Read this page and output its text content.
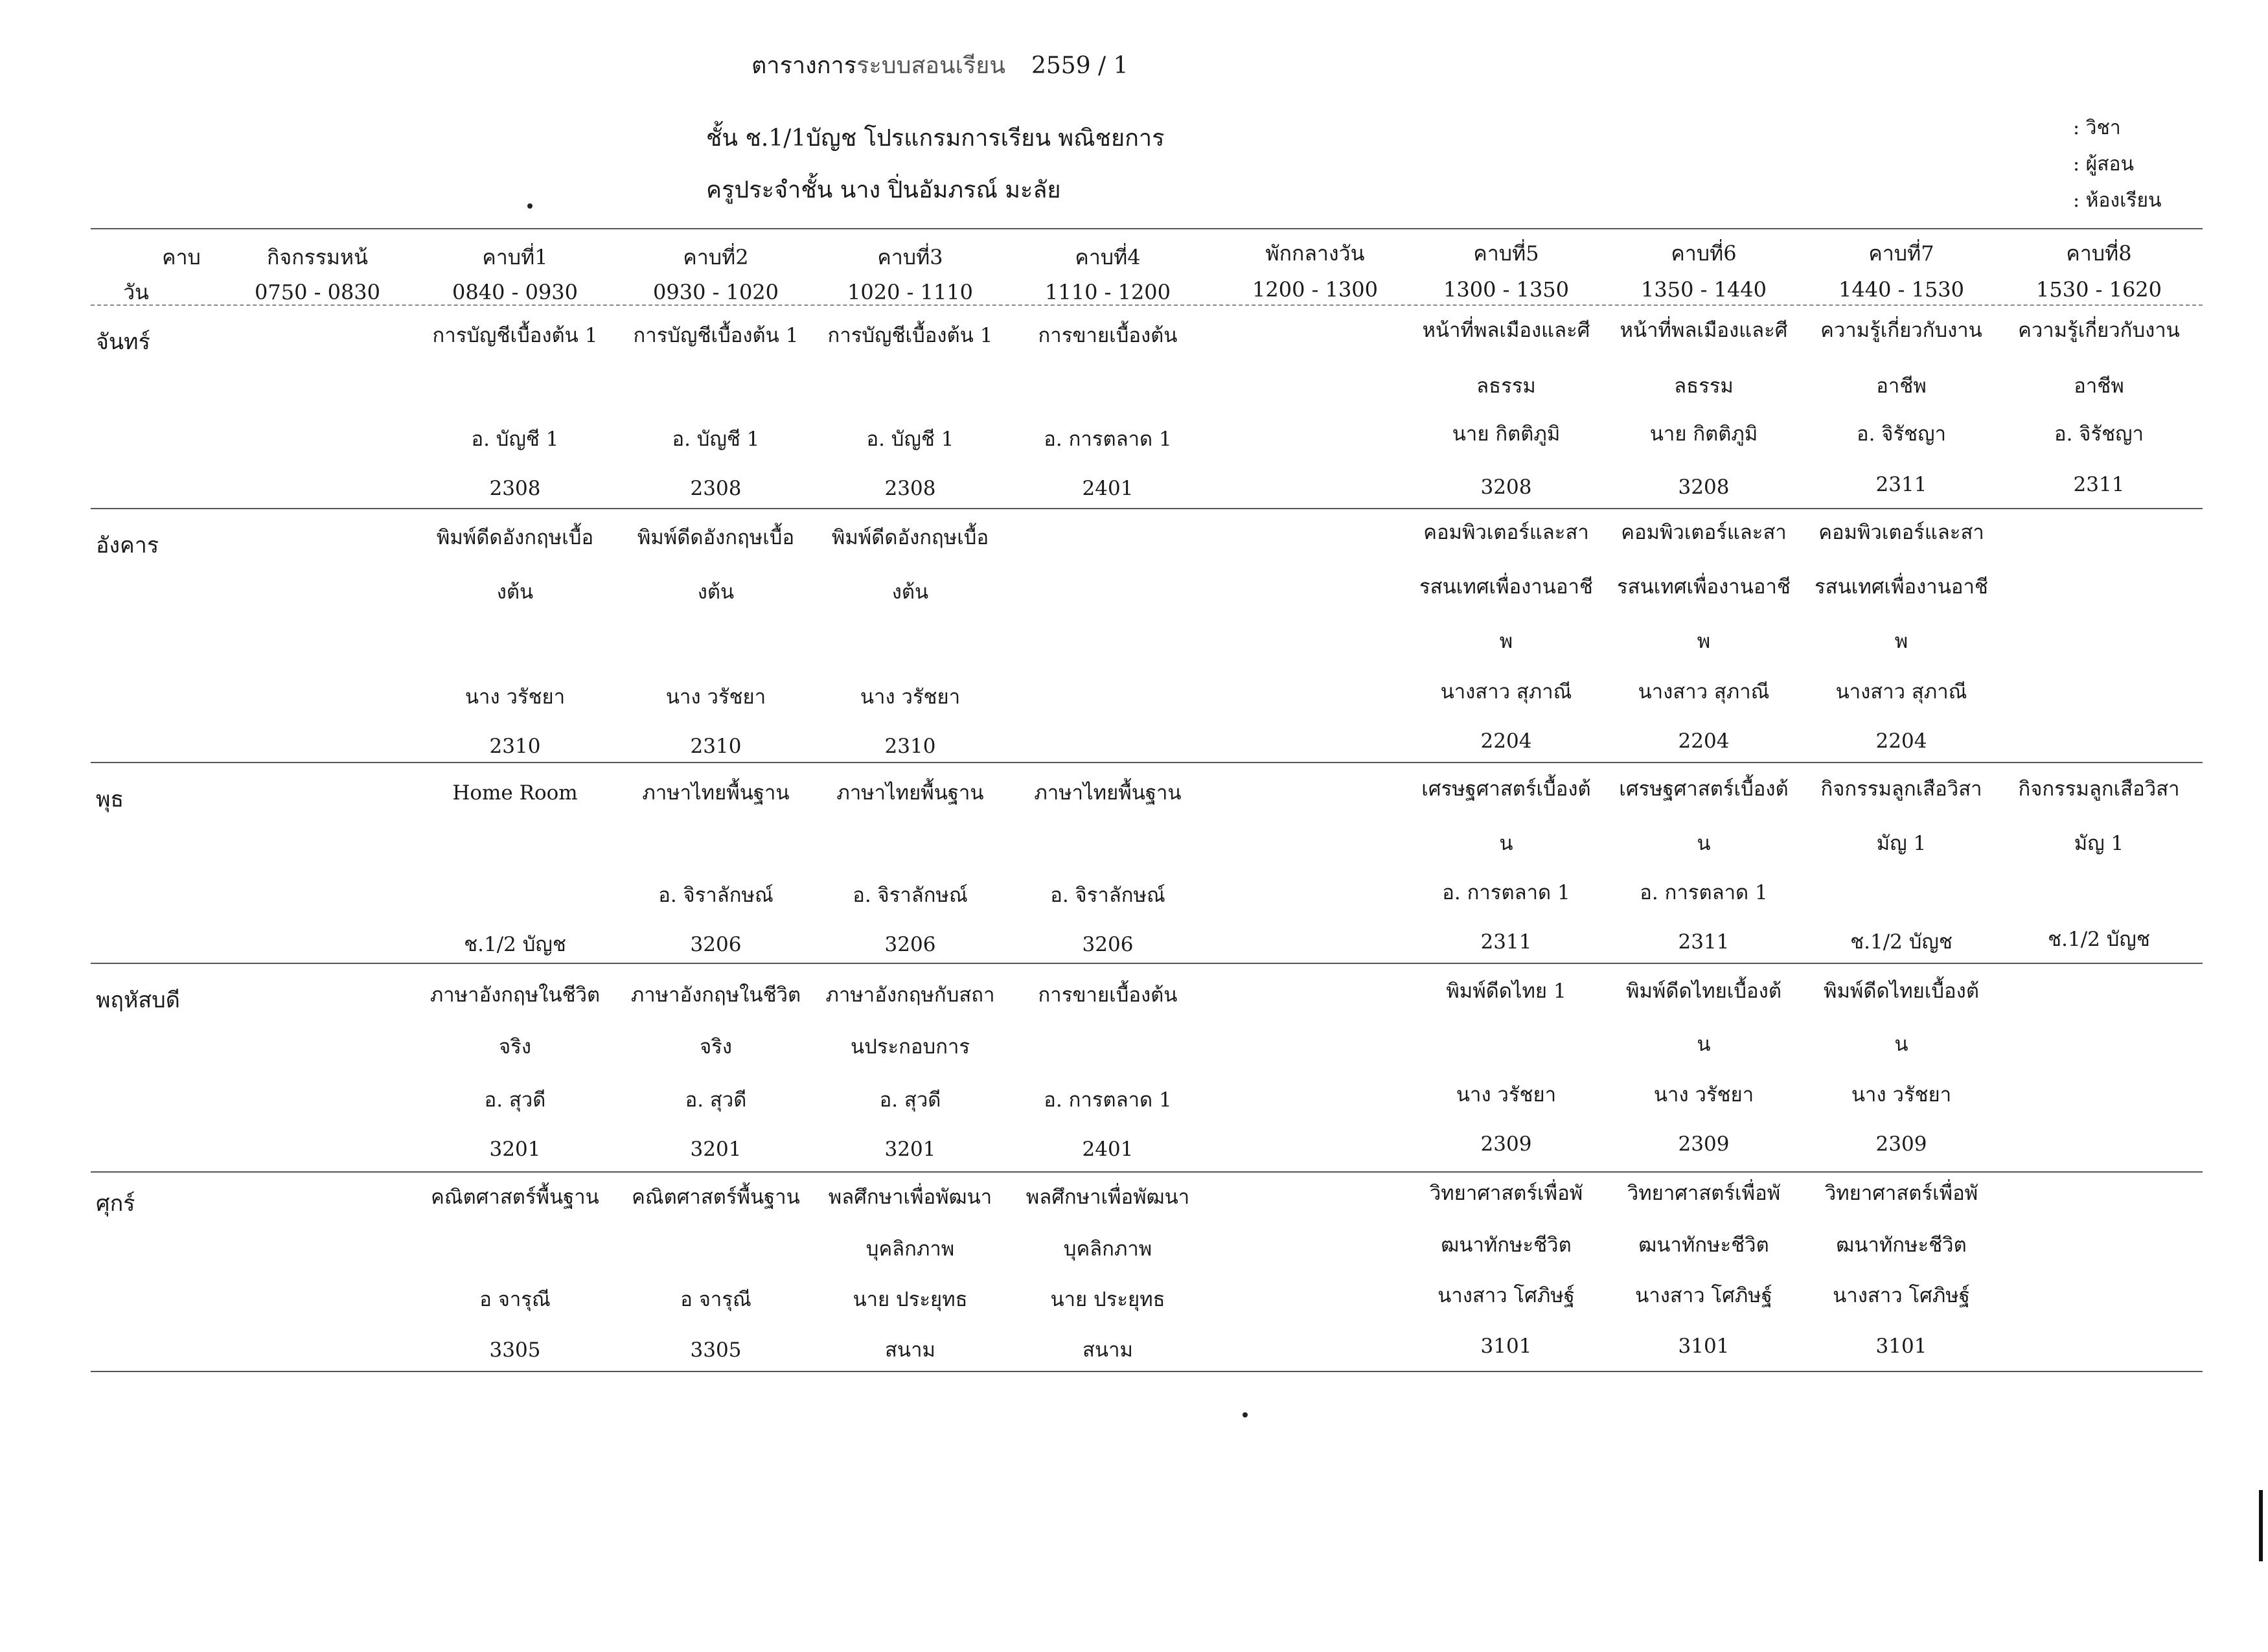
ตารางการระบบสอนเรียน 2559 / 1
ชั้น ช.1/1บัญช โปรแกรมการเรียน พณิชยการ
ครูประจำชั้น นาง ปิ่นอัมภรณ์ มะลัย
: วิชา
: ผู้สอน
: ห้องเรียน
คาบ
วัน
กิจกรรมหน้
0750 - 0830
คาบที่1
0840 - 0930
คาบที่2
0930 - 1020
คาบที่3
1020 - 1110
คาบที่4
1110 - 1200
พักกลางวัน
1200 - 1300
คาบที่5
1300 - 1350
คาบที่6
1350 - 1440
คาบที่7
1440 - 1530
คาบที่8
1530 - 1620
จันทร์
อังคาร
พุธ
พฤหัสบดี
ศุกร์
การบัญชีเบื้องต้น 1
อ. บัญชี 1
2308
การบัญชีเบื้องต้น 1
อ. บัญชี 1
2308
การบัญชีเบื้องต้น 1
อ. บัญชี 1
2308
การขายเบื้องต้น
อ. การตลาด 1
2401
หน้าที่พลเมืองและศี
ลธรรม
นาย กิตติภูมิ
3208
หน้าที่พลเมืองและศี
ลธรรม
นาย กิตติภูมิ
3208
ความรู้เกี่ยวกับงาน
อาชีพ
อ. จิรัชญา
2311
ความรู้เกี่ยวกับงาน
อาชีพ
อ. จิรัชญา
2311
พิมพ์ดีดอังกฤษเบื้อ
งต้น
นาง วรัชยา
2310
พิมพ์ดีดอังกฤษเบื้อ
งต้น
นาง วรัชยา
2310
พิมพ์ดีดอังกฤษเบื้อ
งต้น
นาง วรัชยา
2310
คอมพิวเตอร์และสา
รสนเทศเพื่องานอาชี
พ
นางสาว สุภาณี
2204
คอมพิวเตอร์และสา
รสนเทศเพื่องานอาชี
พ
นางสาว สุภาณี
2204
คอมพิวเตอร์และสา
รสนเทศเพื่องานอาชี
พ
นางสาว สุภาณี
2204
Home Room
ช.1/2 บัญช
ภาษาไทยพื้นฐาน
อ. จิราลักษณ์
3206
ภาษาไทยพื้นฐาน
อ. จิราลักษณ์
3206
ภาษาไทยพื้นฐาน
อ. จิราลักษณ์
3206
เศรษฐศาสตร์เบื้องต้
น
อ. การตลาด 1
2311
เศรษฐศาสตร์เบื้องต้
น
อ. การตลาด 1
2311
กิจกรรมลูกเสือวิสา
มัญ 1
ช.1/2 บัญช
กิจกรรมลูกเสือวิสา
มัญ 1
ช.1/2 บัญช
ภาษาอังกฤษในชีวิต
จริง
อ. สุวดี
3201
ภาษาอังกฤษในชีวิต
จริง
อ. สุวดี
3201
ภาษาอังกฤษกับสถา
นประกอบการ
อ. สุวดี
3201
การขายเบื้องต้น
อ. การตลาด 1
2401
พิมพ์ดีดไทย 1
นาง วรัชยา
2309
พิมพ์ดีดไทยเบื้องต้
น
นาง วรัชยา
2309
พิมพ์ดีดไทยเบื้องต้
น
นาง วรัชยา
2309
คณิตศาสตร์พื้นฐาน
อ จารุณี
3305
คณิตศาสตร์พื้นฐาน
อ จารุณี
3305
พลศึกษาเพื่อพัฒนา
บุคลิกภาพ
นาย ประยุทธ
สนาม
พลศึกษาเพื่อพัฒนา
บุคลิกภาพ
นาย ประยุทธ
สนาม
วิทยาศาสตร์เพื่อพั
ฒนาทักษะชีวิต
นางสาว โศภิษฐ์
3101
วิทยาศาสตร์เพื่อพั
ฒนาทักษะชีวิต
นางสาว โศภิษฐ์
3101
วิทยาศาสตร์เพื่อพั
ฒนาทักษะชีวิต
นางสาว โศภิษฐ์
3101
